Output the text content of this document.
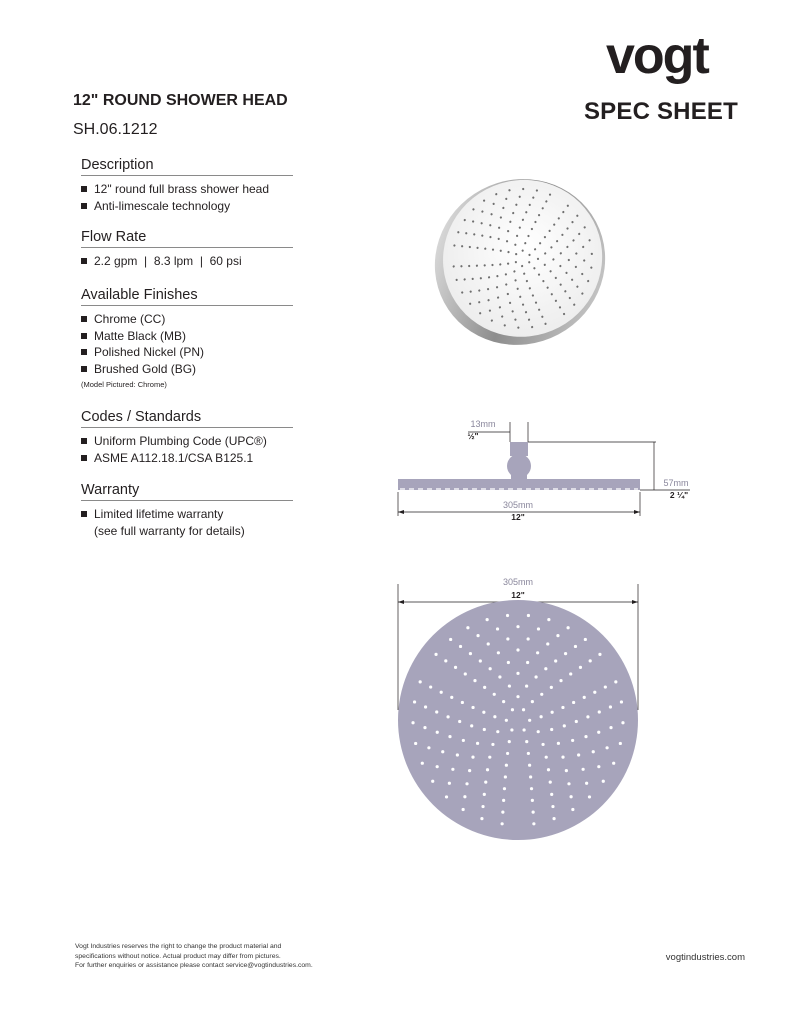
vogt
SPEC SHEET
12" ROUND SHOWER HEAD
SH.06.1212
Description
12" round full brass shower head
Anti-limescale technology
Flow Rate
2.2 gpm  |  8.3 lpm  |  60 psi
Available Finishes
Chrome (CC)
Matte Black (MB)
Polished Nickel (PN)
Brushed Gold (BG)
(Model Pictured: Chrome)
Codes / Standards
Uniform Plumbing Code (UPC®)
ASME A112.18.1/CSA B125.1
Warranty
Limited lifetime warranty
(see full warranty for details)
13mm
½"
57mm
2 ¼"
305mm
12"
305mm
12"
Vogt Industries reserves the right to change the product material and
specifications without notice. Actual product may differ from pictures.
For further enquiries or assistance please contact service@vogtindustries.com.
vogtindustries.com
